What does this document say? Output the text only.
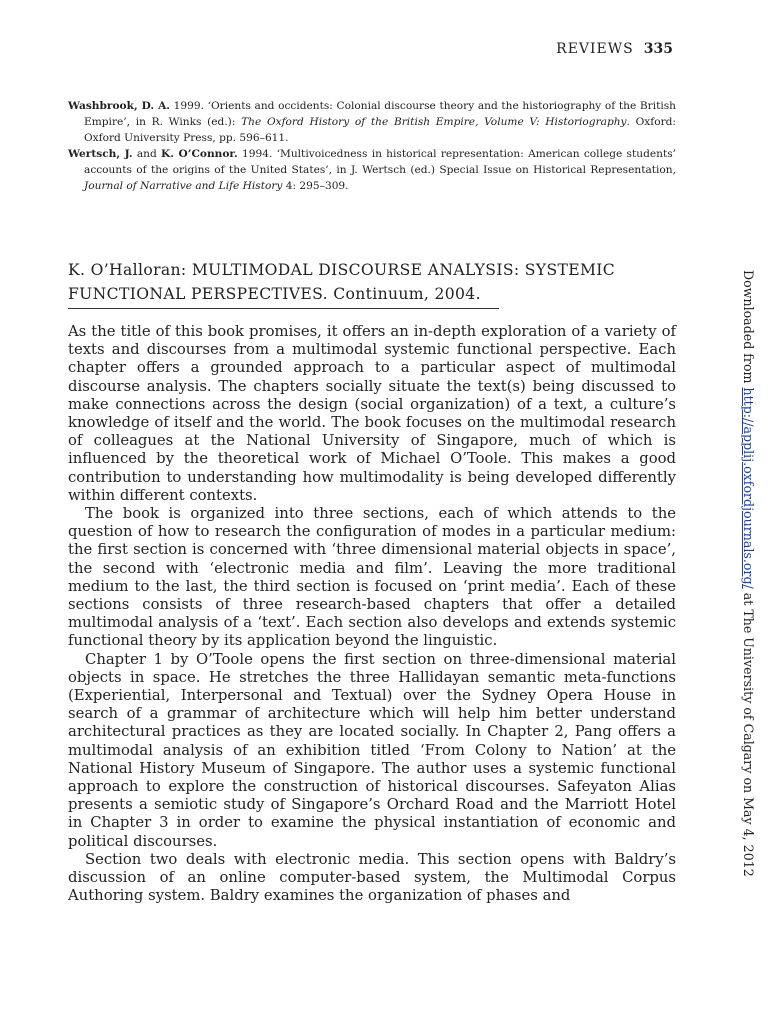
REVIEWS 335

Washbrook, D. A. 1999. ‘Orients and occidents: Colonial discourse theory and the historiography of the British Empire’, in R. Winks (ed.): The Oxford History of the British Empire, Volume V: Historiography. Oxford: Oxford University Press, pp. 596–611.

Wertsch, J. and K. O’Connor. 1994. ‘Multivoicedness in historical representation: American college students’ accounts of the origins of the United States’, in J. Wertsch (ed.) Special Issue on Historical Representation, Journal of Narrative and Life History 4: 295–309.

K. O’Halloran: MULTIMODAL DISCOURSE ANALYSIS: SYSTEMIC FUNCTIONAL PERSPECTIVES. Continuum, 2004.

As the title of this book promises, it offers an in-depth exploration of a variety of texts and discourses from a multimodal systemic functional perspective. Each chapter offers a grounded approach to a particular aspect of multimodal discourse analysis. The chapters socially situate the text(s) being discussed to make connections across the design (social organization) of a text, a culture’s knowledge of itself and the world. The book focuses on the multimodal research of colleagues at the National University of Singapore, much of which is influenced by the theoretical work of Michael O’Toole. This makes a good contribution to understanding how multimodality is being developed differently within different contexts.

The book is organized into three sections, each of which attends to the question of how to research the configuration of modes in a particular medium: the first section is concerned with ‘three dimensional material objects in space’, the second with ‘electronic media and film’. Leaving the more traditional medium to the last, the third section is focused on ‘print media’. Each of these sections consists of three research-based chapters that offer a detailed multimodal analysis of a ‘text’. Each section also develops and extends systemic functional theory by its application beyond the linguistic.

Chapter 1 by O’Toole opens the first section on three-dimensional material objects in space. He stretches the three Hallidayan semantic meta-functions (Experiential, Interpersonal and Textual) over the Sydney Opera House in search of a grammar of architecture which will help him better understand architectural practices as they are located socially. In Chapter 2, Pang offers a multimodal analysis of an exhibition titled ‘From Colony to Nation’ at the National History Museum of Singapore. The author uses a systemic functional approach to explore the construction of historical discourses. Safeyaton Alias presents a semiotic study of Singapore’s Orchard Road and the Marriott Hotel in Chapter 3 in order to examine the physical instantiation of economic and political discourses.

Section two deals with electronic media. This section opens with Baldry’s discussion of an online computer-based system, the Multimodal Corpus Authoring system. Baldry examines the organization of phases and

Downloaded from http://applij.oxfordjournals.org/ at The University of Calgary on May 4, 2012
